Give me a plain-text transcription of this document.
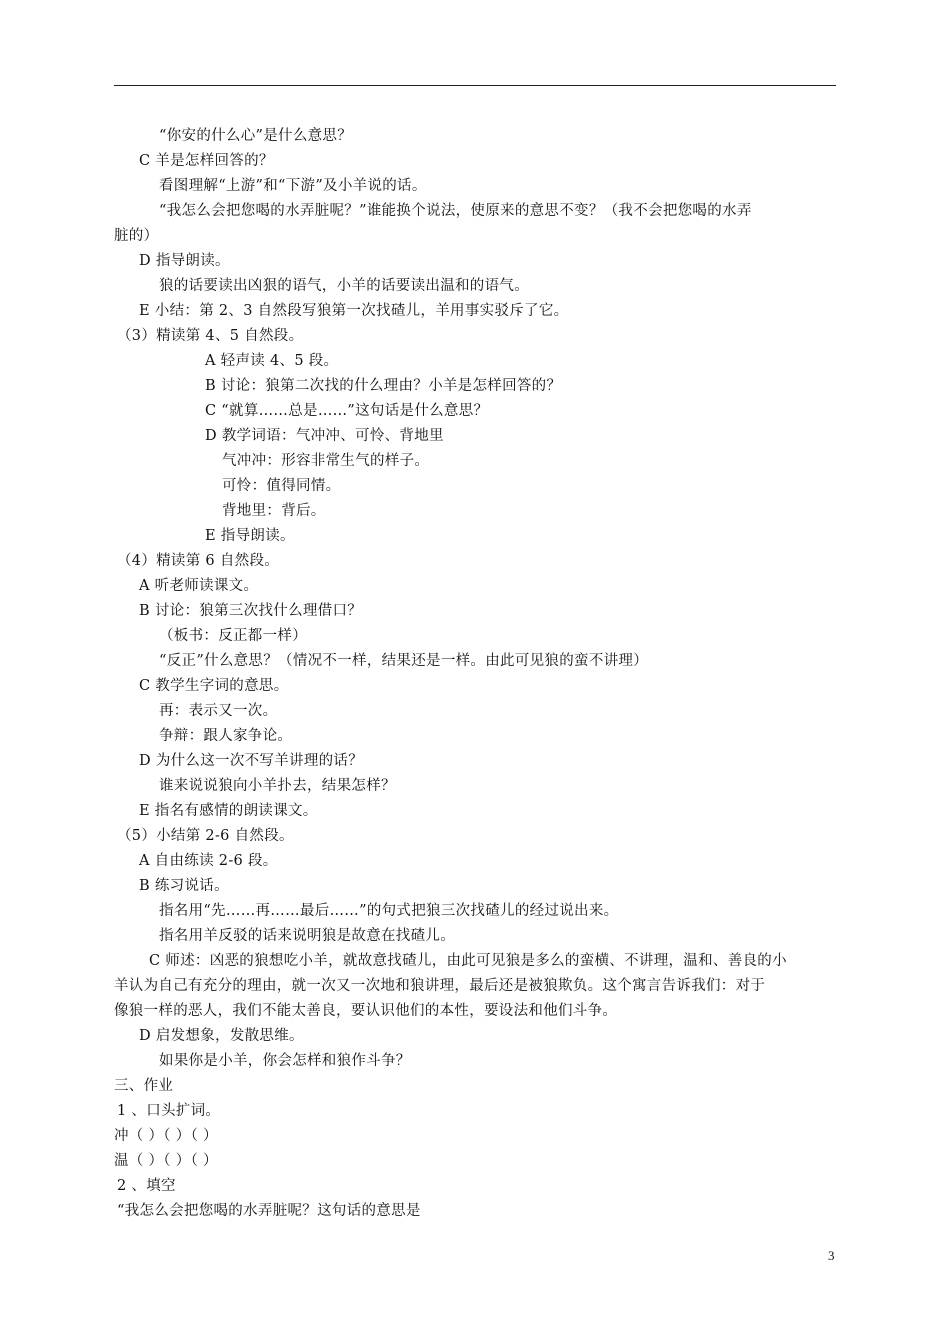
“你安的什么心”是什么意思？
C 羊是怎样回答的？
看图理解“上游”和“下游”及小羊说的话。
“我怎么会把您喝的水弄脏呢？”谁能换个说法，使原来的意思不变？（我不会把您喝的水弄
脏的）
D 指导朗读。
狼的话要读出凶狠的语气，小羊的话要读出温和的语气。
E 小结：第 2、3 自然段写狼第一次找碴儿，羊用事实驳斥了它。
（3）精读第 4、5 自然段。
A 轻声读 4、5 段。
B 讨论：狼第二次找的什么理由？小羊是怎样回答的？
C “就算……总是……”这句话是什么意思？
D 教学词语：气冲冲、可怜、背地里
气冲冲：形容非常生气的样子。
可怜：值得同情。
背地里：背后。
E 指导朗读。
（4）精读第 6 自然段。
A 听老师读课文。
B 讨论：狼第三次找什么理借口？
（板书：反正都一样）
“反正”什么意思？（情况不一样，结果还是一样。由此可见狼的蛮不讲理）
C 教学生字词的意思。
再：表示又一次。
争辩：跟人家争论。
D 为什么这一次不写羊讲理的话？
谁来说说狼向小羊扑去，结果怎样？
E 指名有感情的朗读课文。
（5）小结第 2-6 自然段。
A 自由练读 2-6 段。
B 练习说话。
指名用“先……再……最后……”的句式把狼三次找碴儿的经过说出来。
指名用羊反驳的话来说明狼是故意在找碴儿。
C 师述：凶恶的狼想吃小羊，就故意找碴儿，由此可见狼是多么的蛮横、不讲理，温和、善良的小
羊认为自己有充分的理由，就一次又一次地和狼讲理，最后还是被狼欺负。这个寓言告诉我们：对于
像狼一样的恶人，我们不能太善良，要认识他们的本性，要设法和他们斗争。
D 启发想象，发散思维。
如果你是小羊，你会怎样和狼作斗争？
三、作业
1 、口头扩词。
冲（ ）（ ）（ ）
温（ ）（ ）（ ）
2 、填空
“我怎么会把您喝的水弄脏呢？这句话的意思是
3
